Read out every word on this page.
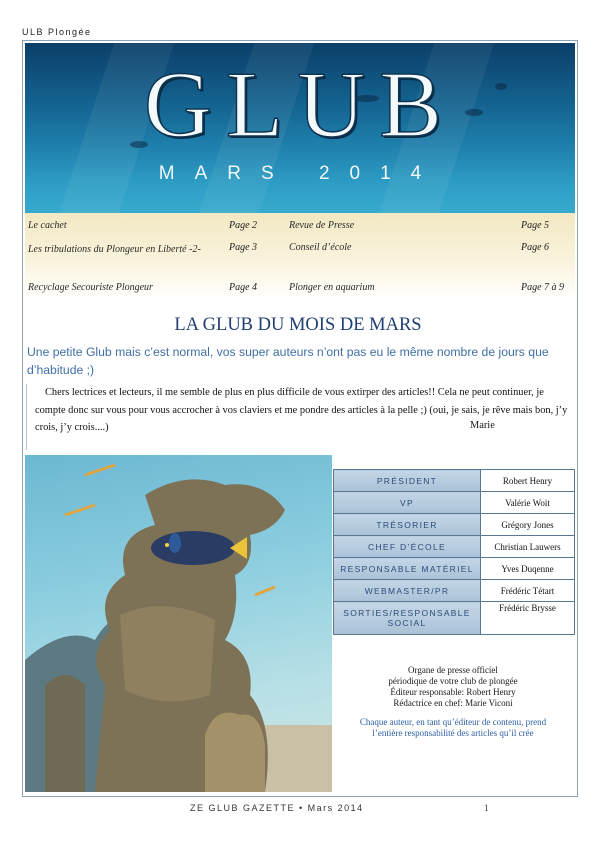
ULB Plongée
GLUB
MARS 2014
Le cachet	Page 2	Revue de Presse	Page 5
Les tribulations du Plongeur en Liberté -2-	Page 3	Conseil d’école	Page 6
Recyclage Secouriste Plongeur	Page 4	Plonger en aquarium	Page 7 à 9
LA GLUB DU MOIS DE MARS
Une petite Glub mais c’est normal, vos super auteurs n’ont pas eu le même nombre de jours que d’habitude ;)

Chers lectrices et lecteurs, il me semble de plus en plus difficile de vous extirper des articles!! Cela ne peut continuer, je compte donc sur vous pour vous accrocher à vos claviers et me pondre des articles à la pelle ;) (oui, je sais, je rêve mais bon, j’y crois, j’y crois....)	Marie
PRÉSIDENT	Robert Henry
VP	Valérie Woit
TRÉSORIER	Grégory Jones
CHEF D’ÉCOLE	Christian Lauwers
RESPONSABLE MATÉRIEL	Yves Duqenne
WEBMASTER/PR	Frédéric Tétart
SORTIES/RESPONSABLE SOCIAL	Frédéric Brysse
Organe de presse officiel
périodique de votre club de plongée
Éditeur responsable: Robert Henry
Rédactrice en chef: Marie Viconi
Chaque auteur, en tant qu’éditeur de contenu, prend l’entière responsabilité des articles qu’il crée
ZE GLUB GAZETTE • Mars 2014	1
